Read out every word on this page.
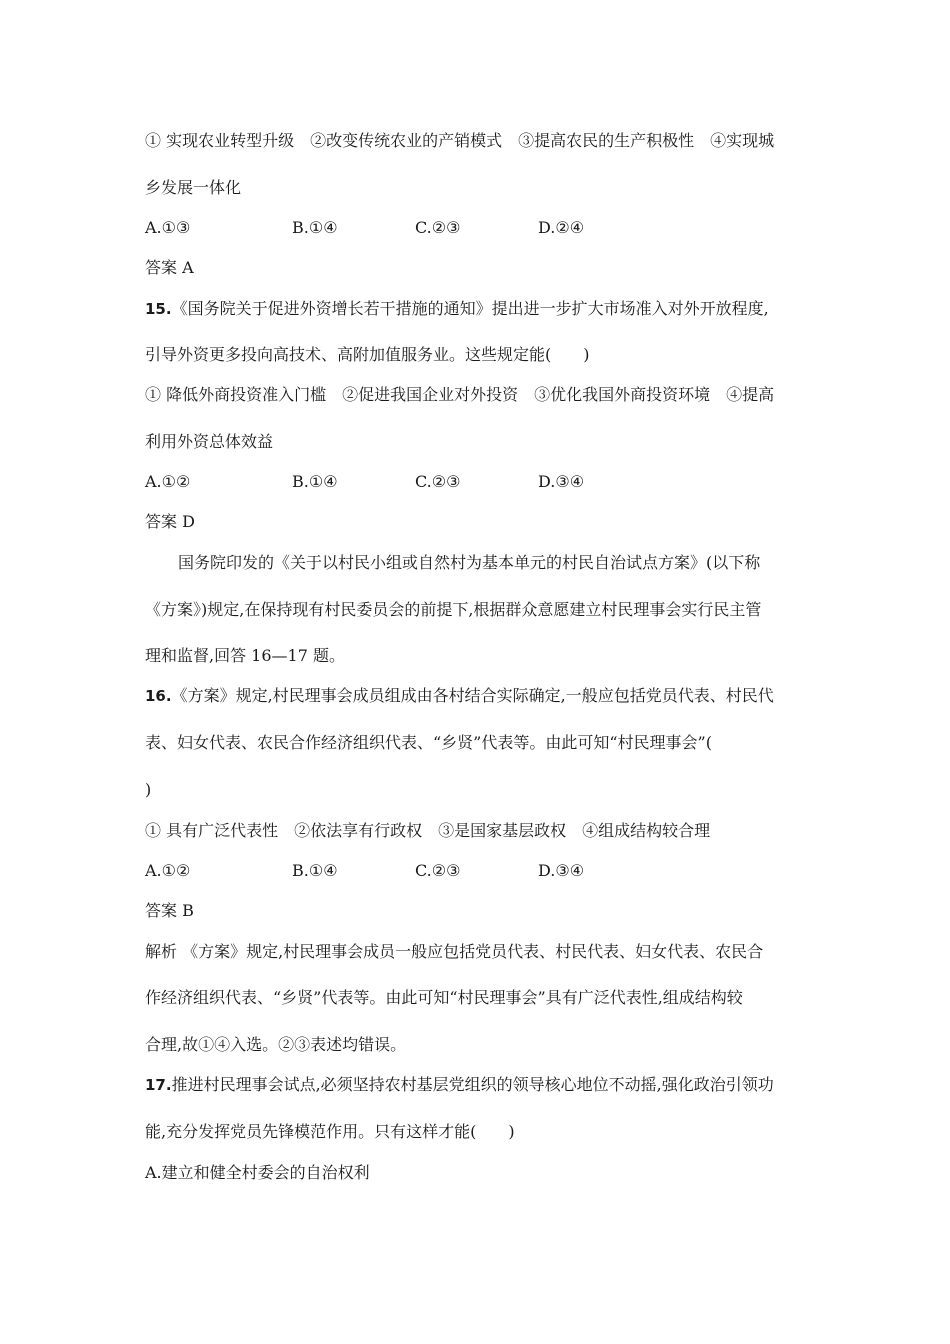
① 实现农业转型升级　②改变传统农业的产销模式　③提高农民的生产积极性　④实现城
乡发展一体化
A.①③	B.①④	C.②③	D.②④
答案 A
15.《国务院关于促进外资增长若干措施的通知》提出进一步扩大市场准入对外开放程度,
引导外资更多投向高技术、高附加值服务业。这些规定能(　　)
① 降低外商投资准入门槛　②促进我国企业对外投资　③优化我国外商投资环境　④提高
利用外资总体效益
A.①②	B.①④	C.②③	D.③④
答案 D
国务院印发的《关于以村民小组或自然村为基本单元的村民自治试点方案》(以下称
《方案》)规定,在保持现有村民委员会的前提下,根据群众意愿建立村民理事会实行民主管
理和监督,回答 16—17 题。
16.《方案》规定,村民理事会成员组成由各村结合实际确定,一般应包括党员代表、村民代
表、妇女代表、农民合作经济组织代表、“乡贤”代表等。由此可知“村民理事会”(
)
① 具有广泛代表性　②依法享有行政权　③是国家基层政权　④组成结构较合理
A.①②	B.①④	C.②③	D.③④
答案 B
解析 《方案》规定,村民理事会成员一般应包括党员代表、村民代表、妇女代表、农民合
作经济组织代表、“乡贤”代表等。由此可知“村民理事会”具有广泛代表性,组成结构较
合理,故①④入选。②③表述均错误。
17.推进村民理事会试点,必须坚持农村基层党组织的领导核心地位不动摇,强化政治引领功
能,充分发挥党员先锋模范作用。只有这样才能(　　)
A.建立和健全村委会的自治权利
